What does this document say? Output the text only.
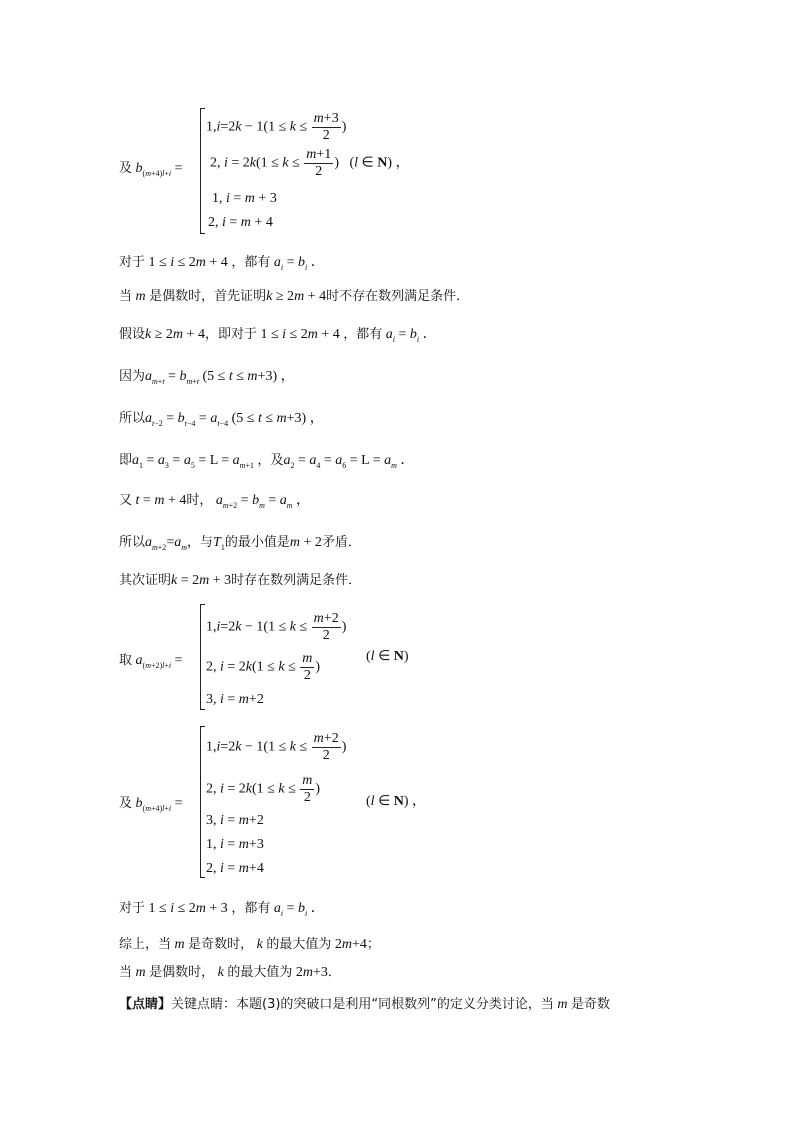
$1,i=2k - 1(1 \le k \le \frac{m+3}{2}$ )
2, $i = 2k(1 \le k \le \frac{m+1}{2}$ )   (l ∈ N) ，
1, i = m + 3
2, i = m + 4
及 $b_{(m+4)l+i}$ =
对于 1 ≤ i ≤ 2m + 4 ，都有 $a_i = b_i$ ．
当 m 是偶数时，首先证明k ≥ 2m + 4时不存在数列满足条件．
假设k ≥ 2m + 4，即对于 1 ≤ i ≤ 2m + 4 ，都有 $a_i = b_i$ ．
因为$a_{m+t} = b_{m+t}$ (5 ≤ t ≤ m+3) ，
所以$a_{t-2} = b_{t-4} = a_{t-4}$ (5 ≤ t ≤ m+3) ，
即$a_1 = a_3 = a_5 = L = a_{m+1}$ ，及$a_2 = a_4 = a_6 = L = a_m$ ．
又 t = m + 4时， $a_{m+2} = b_m = a_m$ ，
所以$a_{m+2}=a_m$，与$T_1$的最小值是m + 2矛盾．
其次证明k = 2m + 3时存在数列满足条件．
$1,i=2k - 1(1 \le k \le \frac{m+2}{2}$ )
2, $i = 2k(1 \le k \le \frac{m}{2}$ )
(l ∈ N)
3, i = m+2
取 $a_{(m+2)l+i}$ =
$1,i=2k - 1(1 \le k \le \frac{m+2}{2}$ )
2, $i = 2k(1 \le k \le \frac{m}{2}$ )
(l ∈ N) ，
3, i = m+2
1, i = m+3
2, i = m+4
及 $b_{(m+4)l+i}$ =
对于 1 ≤ i ≤ 2m + 3 ，都有 $a_i = b_i$ ．
综上，当 m 是奇数时， k 的最大值为 2m+4；
当 m 是偶数时， k 的最大值为 2m+3．
【点睛】关键点睛：本题(3)的突破口是利用“同根数列”的定义分类讨论，当 m 是奇数
